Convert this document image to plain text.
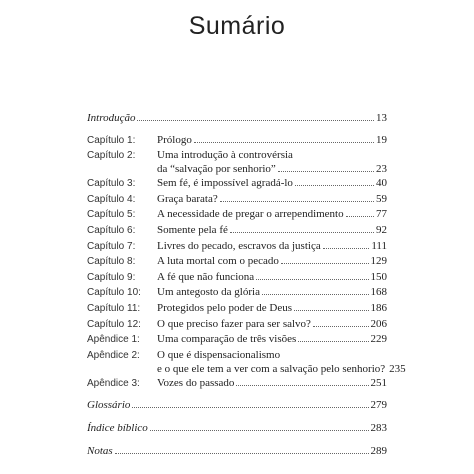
Sumário
Introdução	13
Capítulo 1: Prólogo	19
Capítulo 2: Uma introdução à controvérsia
da “salvação por senhorio”	23
Capítulo 3: Sem fé, é impossível agradá-lo	40
Capítulo 4: Graça barata?	59
Capítulo 5: A necessidade de pregar o arrependimento	77
Capítulo 6: Somente pela fé	92
Capítulo 7: Livres do pecado, escravos da justiça	111
Capítulo 8: A luta mortal com o pecado	129
Capítulo 9: A fé que não funciona	150
Capítulo 10: Um antegosto da glória	168
Capítulo 11: Protegidos pelo poder de Deus	186
Capítulo 12: O que preciso fazer para ser salvo?	206
Apêndice 1: Uma comparação de três visões	229
Apêndice 2: O que é dispensacionalismo
e o que ele tem a ver com a salvação pelo senhorio? 235
Apêndice 3: Vozes do passado	251
Glossário	279
Índice bíblico	283
Notas	289
